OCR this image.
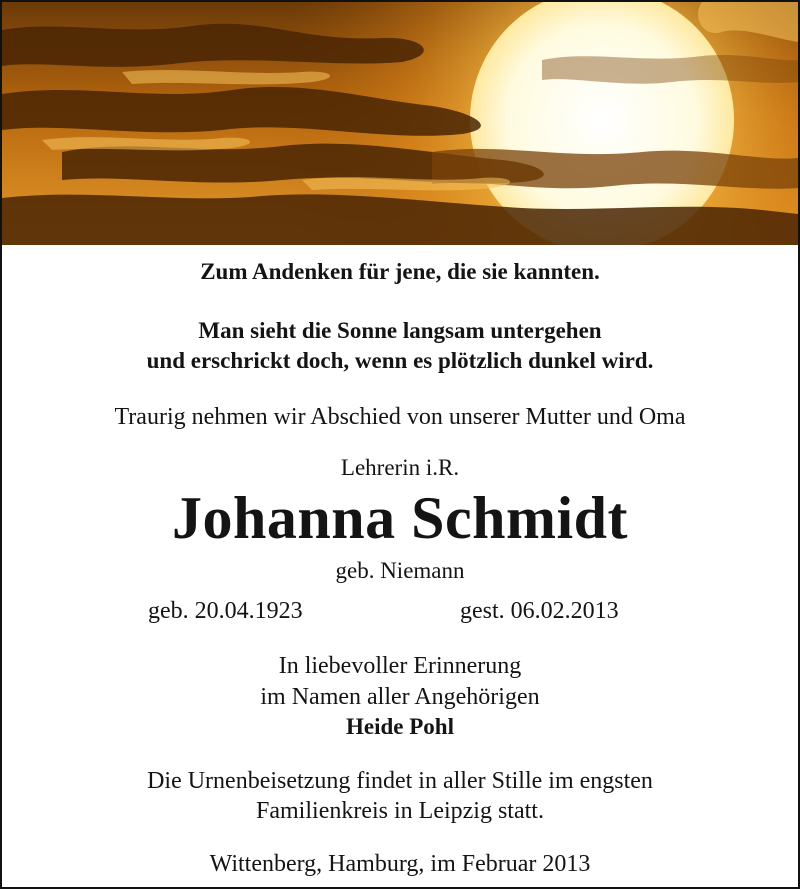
Zum Andenken für jene, die sie kannten.
Man sieht die Sonne langsam untergehen
und erschrickt doch, wenn es plötzlich dunkel wird.
Traurig nehmen wir Abschied von unserer Mutter und Oma
Lehrerin i.R.
Johanna Schmidt
geb. Niemann
geb. 20.04.1923	gest. 06.02.2013
In liebevoller Erinnerung
im Namen aller Angehörigen
Heide Pohl
Die Urnenbeisetzung findet in aller Stille im engsten
Familienkreis in Leipzig statt.
Wittenberg, Hamburg, im Februar 2013
